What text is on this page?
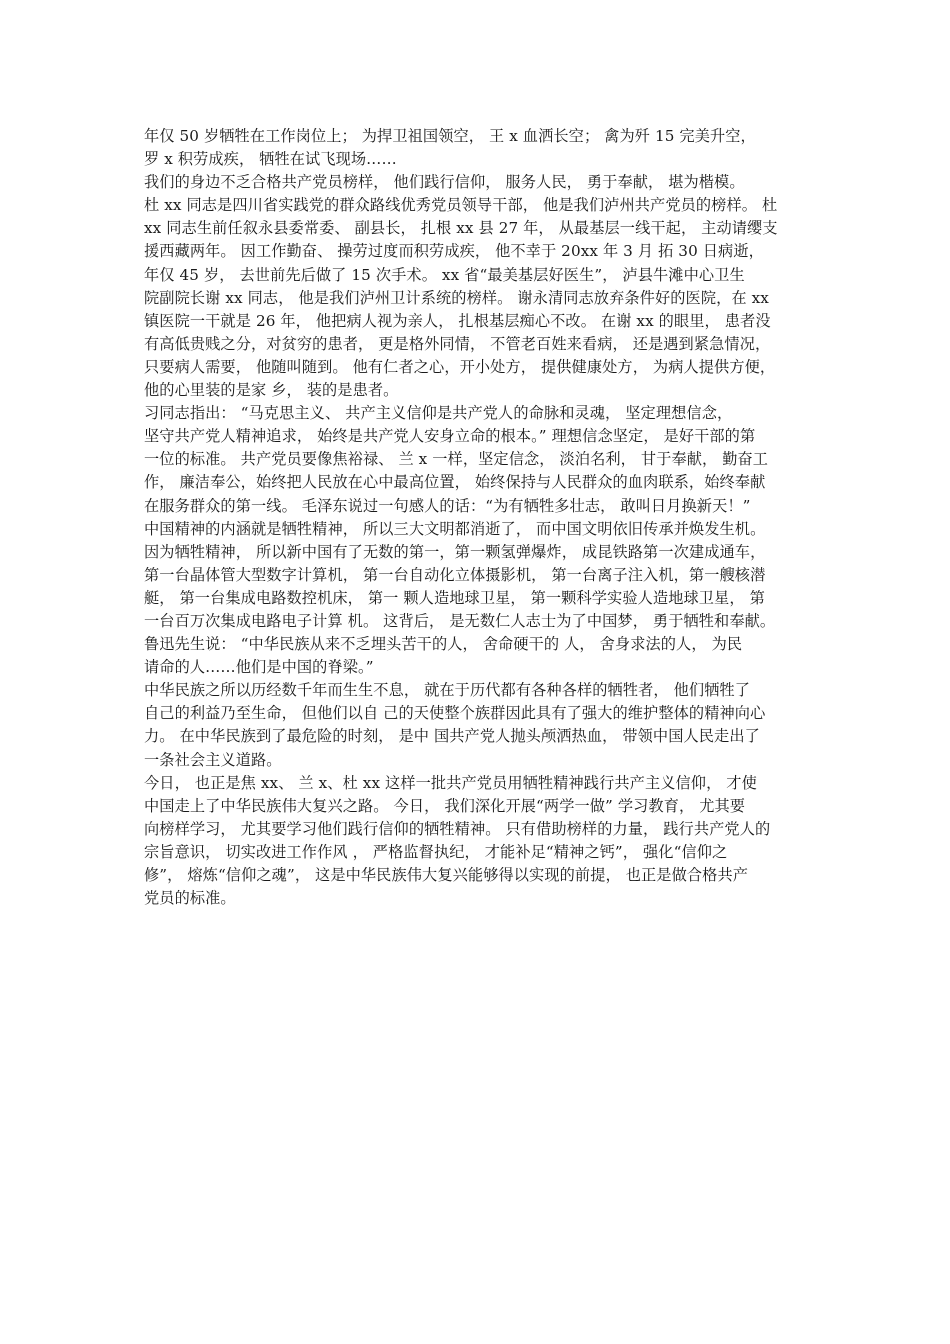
年仅 50 岁牺牲在工作岗位上； 为捍卫祖国领空， 王 x 血洒长空； 禽为歼 15 完美升空，
罗 x 积劳成疾， 牺牲在试飞现场……
我们的身边不乏合格共产党员榜样， 他们践行信仰， 服务人民， 勇于奉献， 堪为楷模。
杜 xx 同志是四川省实践党的群众路线优秀党员领导干部， 他是我们泸州共产党员的榜样。 杜
xx 同志生前任叙永县委常委、 副县长， 扎根 xx 县 27 年， 从最基层一线干起， 主动请缨支
援西藏两年。 因工作勤奋、 操劳过度而积劳成疾， 他不幸于 20xx 年 3 月 拓 30 日病逝，
年仅 45 岁， 去世前先后做了 15 次手术。 xx 省“最美基层好医生”， 泸县牛滩中心卫生
院副院长谢 xx 同志， 他是我们泸州卫计系统的榜样。 谢永清同志放弃条件好的医院，在 xx
镇医院一干就是 26 年， 他把病人视为亲人， 扎根基层痴心不改。 在谢 xx 的眼里， 患者没
有高低贵贱之分，对贫穷的患者， 更是格外同情， 不管老百姓来看病， 还是遇到紧急情况，
只要病人需要， 他随叫随到。 他有仁者之心，开小处方， 提供健康处方， 为病人提供方便，
他的心里装的是家 乡， 装的是患者。
习同志指出： “马克思主义、 共产主义信仰是共产党人的命脉和灵魂， 坚定理想信念，
坚守共产党人精神追求， 始终是共产党人安身立命的根本。” 理想信念坚定， 是好干部的第
一位的标准。 共产党员要像焦裕禄、 兰 x 一样，坚定信念， 淡泊名利， 甘于奉献， 勤奋工
作， 廉洁奉公，始终把人民放在心中最高位置， 始终保持与人民群众的血肉联系，始终奉献
在服务群众的第一线。 毛泽东说过一句感人的话：“为有牺牲多壮志， 敢叫日月换新天！”
中国精神的内涵就是牺牲精神， 所以三大文明都消逝了， 而中国文明依旧传承并焕发生机。
因为牺牲精神， 所以新中国有了无数的第一，第一颗氢弹爆炸， 成昆铁路第一次建成通车，
第一台晶体管大型数字计算机， 第一台自动化立体摄影机， 第一台离子注入机，第一艘核潜
艇， 第一台集成电路数控机床， 第一 颗人造地球卫星， 第一颗科学实验人造地球卫星， 第
一台百万次集成电路电子计算 机。 这背后， 是无数仁人志士为了中国梦， 勇于牺牲和奉献。
鲁迅先生说： “中华民族从来不乏埋头苦干的人， 舍命硬干的 人， 舍身求法的人， 为民
请命的人……他们是中国的脊梁。”
中华民族之所以历经数千年而生生不息， 就在于历代都有各种各样的牺牲者， 他们牺牲了
自己的利益乃至生命， 但他们以自 己的天使整个族群因此具有了强大的维护整体的精神向心
力。 在中华民族到了最危险的时刻， 是中 国共产党人抛头颅洒热血， 带领中国人民走出了
一条社会主义道路。
今日， 也正是焦 xx、 兰 x、杜 xx 这样一批共产党员用牺牲精神践行共产主义信仰， 才使
中国走上了中华民族伟大复兴之路。 今日， 我们深化开展“两学一做” 学习教育， 尤其要
向榜样学习， 尤其要学习他们践行信仰的牺牲精神。 只有借助榜样的力量， 践行共产党人的
宗旨意识， 切实改进工作作风 ， 严格监督执纪， 才能补足“精神之钙”， 强化“信仰之
修”， 熔炼“信仰之魂”， 这是中华民族伟大复兴能够得以实现的前提， 也正是做合格共产
党员的标准。
